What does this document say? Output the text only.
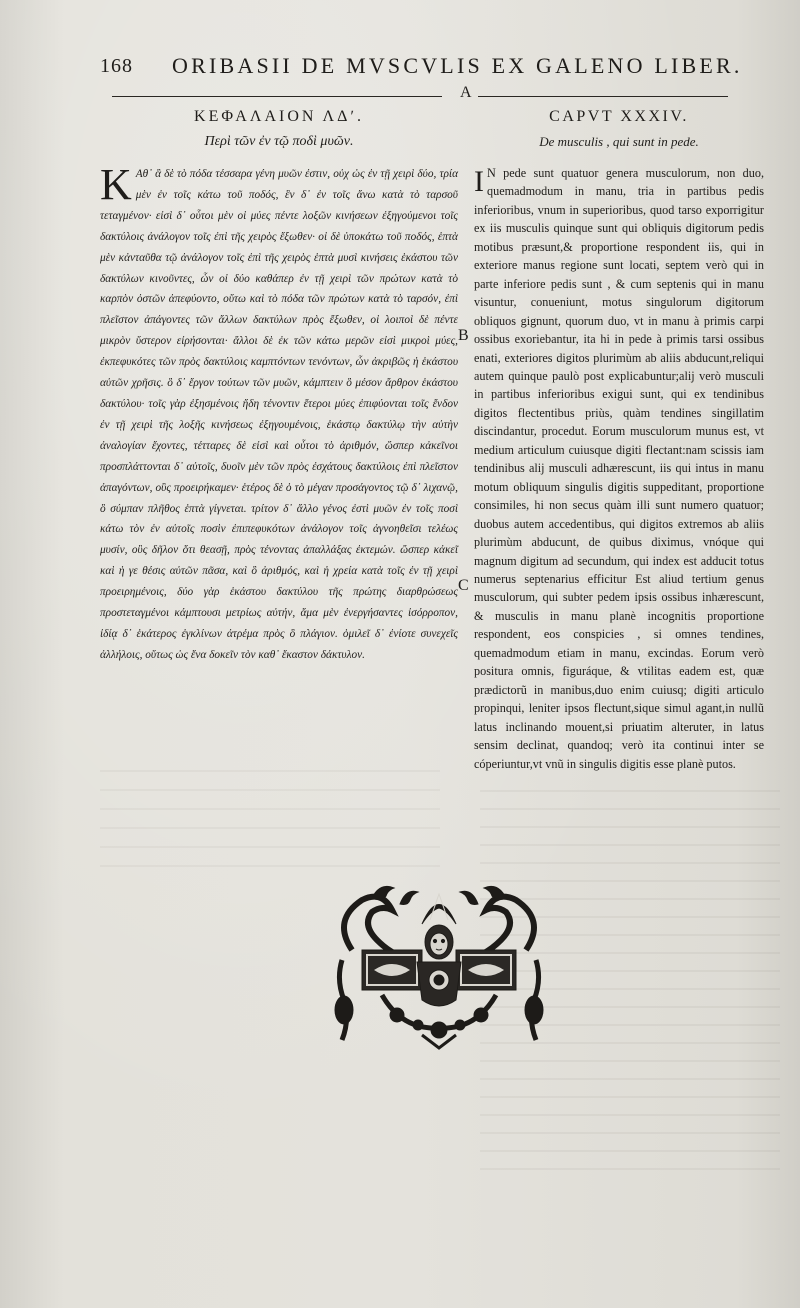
168 ORIBASII DE MVSCVLIS EX GALENO LIBER.
A
B
C
ΚΕΦΑΛΑΙΟΝ ΛΔʹ.
Περὶ τῶν ἐν τῷ ποδὶ μυῶν.
K Αθ᾽ ἃ δὲ τὸ πόδα τέσσαρα γένη μυῶν ἐστιν, οὐχ ὡς ἐν τῇ χειρὶ δύο, τρία μὲν ἐν τοῖς κάτω τοῦ ποδός, ἓν δ᾽ ἐν τοῖς ἄνω κατὰ τὸ ταρσοῦ τεταγμένον· εἰσὶ δ᾽ οὗτοι μὲν οἱ μύες πέντε λοξῶν κινήσεων ἐξηγούμενοι τοῖς δακτύλοις ἀνάλογον τοῖς ἐπὶ τῆς χειρὸς ἔξωθεν· οἱ δὲ ὑποκάτω τοῦ ποδός, ἑπτὰ μὲν κἀνταῦθα τῷ ἀνάλογον τοῖς ἐπὶ τῆς χειρὸς ἑπτὰ μυσὶ κινήσεις ἑκάστου τῶν δακτύλων κινοῦντες, ὧν οἱ δύο καθάπερ ἐν τῇ χειρὶ τῶν πρώτων κατὰ τὸ καρπὸν ὀστῶν ἀπεφύοντο, οὕτω καὶ τὸ πόδα τῶν πρώτων κατὰ τὸ ταρσόν, ἐπὶ πλεῖστον ἀπάγοντες τῶν ἄλλων δακτύλων πρὸς ἔξωθεν, οἱ λοιποὶ δὲ πέντε μικρὸν ὕστερον εἰρήσονται· ἄλλοι δὲ ἐκ τῶν κάτω μερῶν εἰσὶ μικροὶ μύες, ἐκπεφυκότες τῶν πρὸς δακτύλοις καμπτόντων τενόντων, ὧν ἀκριβῶς ἡ ἑκάστου αὐτῶν χρῆσις. ὃ δ᾽ ἔργον τούτων τῶν μυῶν, κάμπτειν ὃ μέσον ἄρθρον ἑκάστου δακτύλου· τοῖς γὰρ ἐξησμένοις ἤδη τένοντιν ἕτεροι μύες ἐπιφύονται τοῖς ἔνδον ἐν τῇ χειρὶ τῆς λοξῆς κινήσεως ἐξηγουμένοις, ἑκάστῳ δακτύλῳ τὴν αὐτὴν ἀναλογίαν ἔχοντες, τέτταρες δὲ εἰσὶ καὶ οὗτοι τὸ ἀριθμόν, ὥσπερ κἀκεῖνοι προσπλάττονται δ᾽ αὐτοῖς, δυοῖν μὲν τῶν πρὸς ἐσχάτους δακτύλοις ἐπὶ πλεῖστον ἀπαγόντων, οὓς προειρήκαμεν· ἑτέρος δὲ ὁ τὸ μέγαν προσάγοντος τῷ δ᾽ λιχανῷ, ὃ σύμπαν πλῆθος ἑπτὰ γίγνεται. τρίτον δ᾽ ἄλλο γένος ἐστὶ μυῶν ἐν τοῖς ποσὶ κάτω τὸν ἐν αὐτοῖς ποσὶν ἐπιπεφυκότων ἀνάλογον τοῖς ἀγνοηθεῖσι τελέως μυσίν, οὓς δῆλον ὅτι θεασῇ, πρὸς τένοντας ἀπαλλάξας ἐκτεμών. ὥσπερ κἀκεῖ καὶ ἡ γε θέσις αὐτῶν πᾶσα, καὶ ὃ ἀριθμός, καὶ ἡ χρεία κατὰ τοῖς ἐν τῇ χειρὶ προειρημένοις, δύο γὰρ ἑκάστου δακτύλου τῆς πρώτης διαρθρώσεως προστεταγμένοι κάμπτουσι μετρίως αὐτήν, ἅμα μὲν ἐνεργήσαντες ἰσόρροπον, ἰδίᾳ δ᾽ ἑκάτερος ἐγκλίνων ἀτρέμα πρὸς ὃ πλάγιον. ὁμιλεῖ δ᾽ ἐνίοτε συνεχεῖς ἀλλήλοις, οὕτως ὡς ἕνα δοκεῖν τὸν καθ᾽ ἕκαστον δάκτυλον.
CAPVT XXXIV.
De musculis , qui sunt in pede.
I N pede sunt quatuor genera musculorum, non duo, quemadmodum in manu, tria in partibus pedis inferioribus, vnum in superioribus, quod tarso exporrigitur ex iis musculis quinque sunt qui obliquis digitorum pedis motibus præsunt,& proportione respondent iis, qui in exteriore manus regione sunt locati, septem verò qui in parte inferiore pedis sunt , & cum septenis qui in manu visuntur, conueniunt, motus singulorum digitorum obliquos gignunt, quorum duo, vt in manu à primis carpi ossibus exoriebantur, ita hi in pede à primis tarsi ossibus enati, exteriores digitos plurimùm ab aliis abducunt,reliqui autem quinque paulò post explicabuntur;alij verò musculi in partibus inferioribus exigui sunt, qui ex tendinibus digitos flectentibus priùs, quàm tendines singillatim discindantur, procedut. Eorum musculorum munus est, vt medium articulum cuiusque digiti flectant:nam scissis iam tendinibus alij musculi adhærescunt, iis qui intus in manu motum obliquum singulis digitis suppeditant, proportione consimiles, hi non secus quàm illi sunt numero quatuor; duobus autem accedentibus, qui digitos extremos ab aliis plurimùm abducunt, de quibus diximus, vnóque qui magnum digitum ad secundum, qui index est adducit totus numerus septenarius efficitur Est aliud tertium genus musculorum, qui subter pedem ipsis ossibus inhærescunt, & musculis in manu planè incognitis proportione respondent, eos conspicies , si omnes tendines, quemadmodum etiam in manu, excindas. Eorum verò positura omnis, figuráque, & vtilitas eadem est, quæ prædictorũ in manibus,duo enim cuiusq; digiti articulo propinqui, leniter ipsos flectunt,sique simul agant,in nullũ latus inclinando mouent,si priuatim alteruter, in latus sensim declinat, quandoq; verò ita continui inter se cóperiuntur,vt vnũ in singulis digitis esse planè putos.
